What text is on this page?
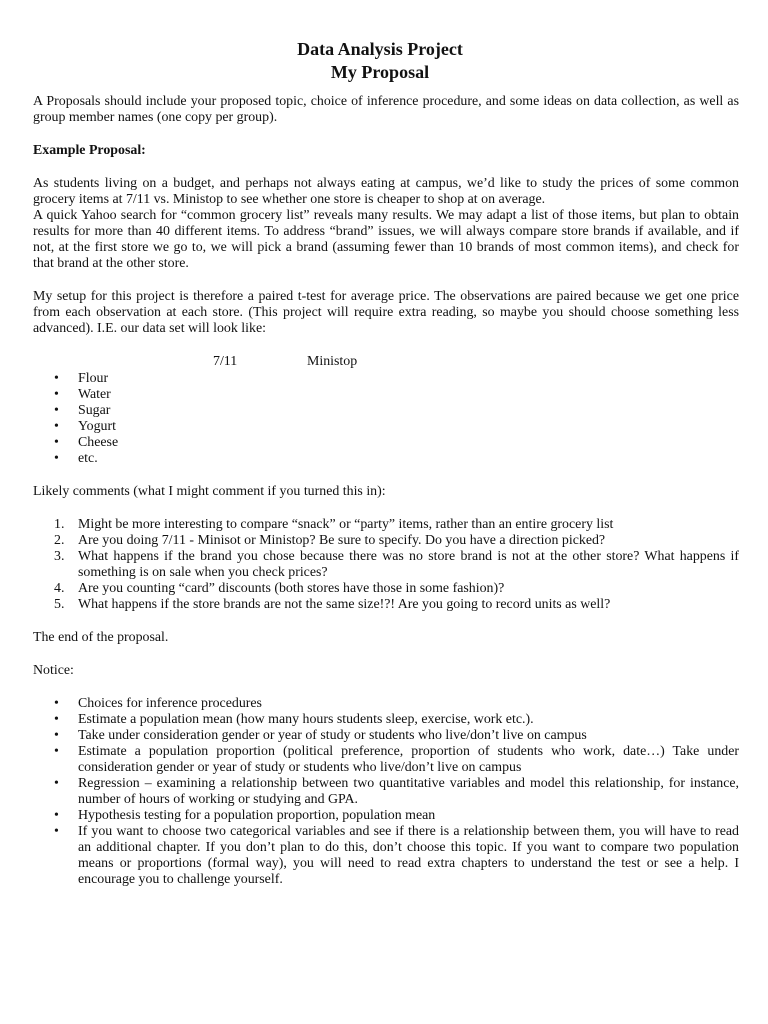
Data Analysis Project
My Proposal

A Proposals should include your proposed topic, choice of inference procedure, and some ideas on data collection, as well as group member names (one copy per group).

Example Proposal:

As students living on a budget, and perhaps not always eating at campus, we’d like to study the prices of some common grocery items at 7/11 vs. Ministop to see whether one store is cheaper to shop at on average.

A quick Yahoo search for “common grocery list” reveals many results. We may adapt a list of those items, but plan to obtain results for more than 40 different items. To address “brand” issues, we will always compare store brands if available, and if not, at the first store we go to, we will pick a brand (assuming fewer than 10 brands of most common items), and check for that brand at the other store.

My setup for this project is therefore a paired t-test for average price. The observations are paired because we get one price from each observation at each store. (This project will require extra reading, so maybe you should choose something less advanced). I.E. our data set will look like:

7/11	Ministop
• Flour
• Water
• Sugar
• Yogurt
• Cheese
• etc.

Likely comments (what I might comment if you turned this in):

1. Might be more interesting to compare “snack” or “party” items, rather than an entire grocery list
2. Are you doing 7/11 - Minisot or Ministop? Be sure to specify. Do you have a direction picked?
3. What happens if the brand you chose because there was no store brand is not at the other store? What happens if something is on sale when you check prices?
4. Are you counting “card” discounts (both stores have those in some fashion)?
5. What happens if the store brands are not the same size!?! Are you going to record units as well?

The end of the proposal.

Notice:

• Choices for inference procedures
• Estimate a population mean (how many hours students sleep, exercise, work etc.).
• Take under consideration gender or year of study or students who live/don’t live on campus
• Estimate a population proportion (political preference, proportion of students who work, date…) Take under consideration gender or year of study or students who live/don’t live on campus
• Regression – examining a relationship between two quantitative variables and model this relationship, for instance, number of hours of working or studying and GPA.
• Hypothesis testing for a population proportion, population mean
• If you want to choose two categorical variables and see if there is a relationship between them, you will have to read an additional chapter. If you don’t plan to do this, don’t choose this topic. If you want to compare two population means or proportions (formal way), you will need to read extra chapters to understand the test or see a help. I encourage you to challenge yourself.
